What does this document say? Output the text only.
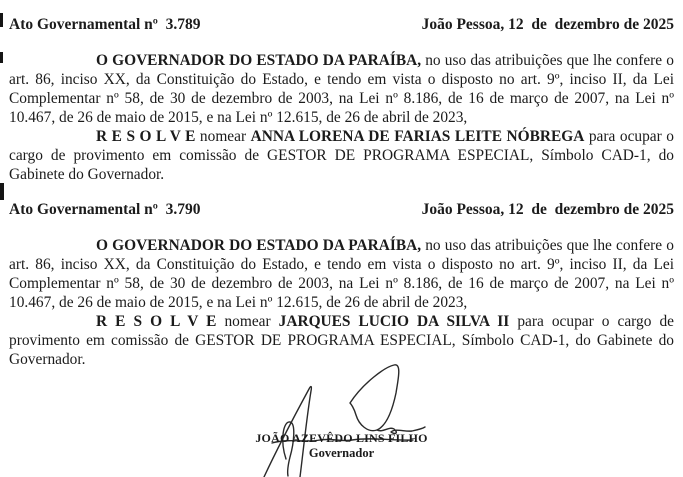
Ato Governamental nº  3.789	João Pessoa, 12  de  dezembro de 2025

O GOVERNADOR DO ESTADO DA PARAÍBA, no uso das atribuições que lhe confere o art. 86, inciso XX, da Constituição do Estado, e tendo em vista o disposto no art. 9º, inciso II, da Lei Complementar nº 58, de 30 de dezembro de 2003, na Lei nº 8.186, de 16 de março de 2007, na Lei nº 10.467, de 26 de maio de 2015, e na Lei nº 12.615, de 26 de abril de 2023,

R E S O L V E nomear ANNA LORENA DE FARIAS LEITE NÓBREGA para ocupar o cargo de provimento em comissão de GESTOR DE PROGRAMA ESPECIAL, Símbolo CAD-1, do Gabinete do Governador.

Ato Governamental nº  3.790	João Pessoa, 12  de  dezembro de 2025

O GOVERNADOR DO ESTADO DA PARAÍBA, no uso das atribuições que lhe confere o art. 86, inciso XX, da Constituição do Estado, e tendo em vista o disposto no art. 9º, inciso II, da Lei Complementar nº 58, de 30 de dezembro de 2003, na Lei nº 8.186, de 16 de março de 2007, na Lei nº 10.467, de 26 de maio de 2015, e na Lei nº 12.615, de 26 de abril de 2023,

R E S O L V E nomear JARQUES LUCIO DA SILVA II para ocupar o cargo de provimento em comissão de GESTOR DE PROGRAMA ESPECIAL, Símbolo CAD-1, do Gabinete do Governador.

JOÃO AZEVÊDO LINS FILHO
Governador
